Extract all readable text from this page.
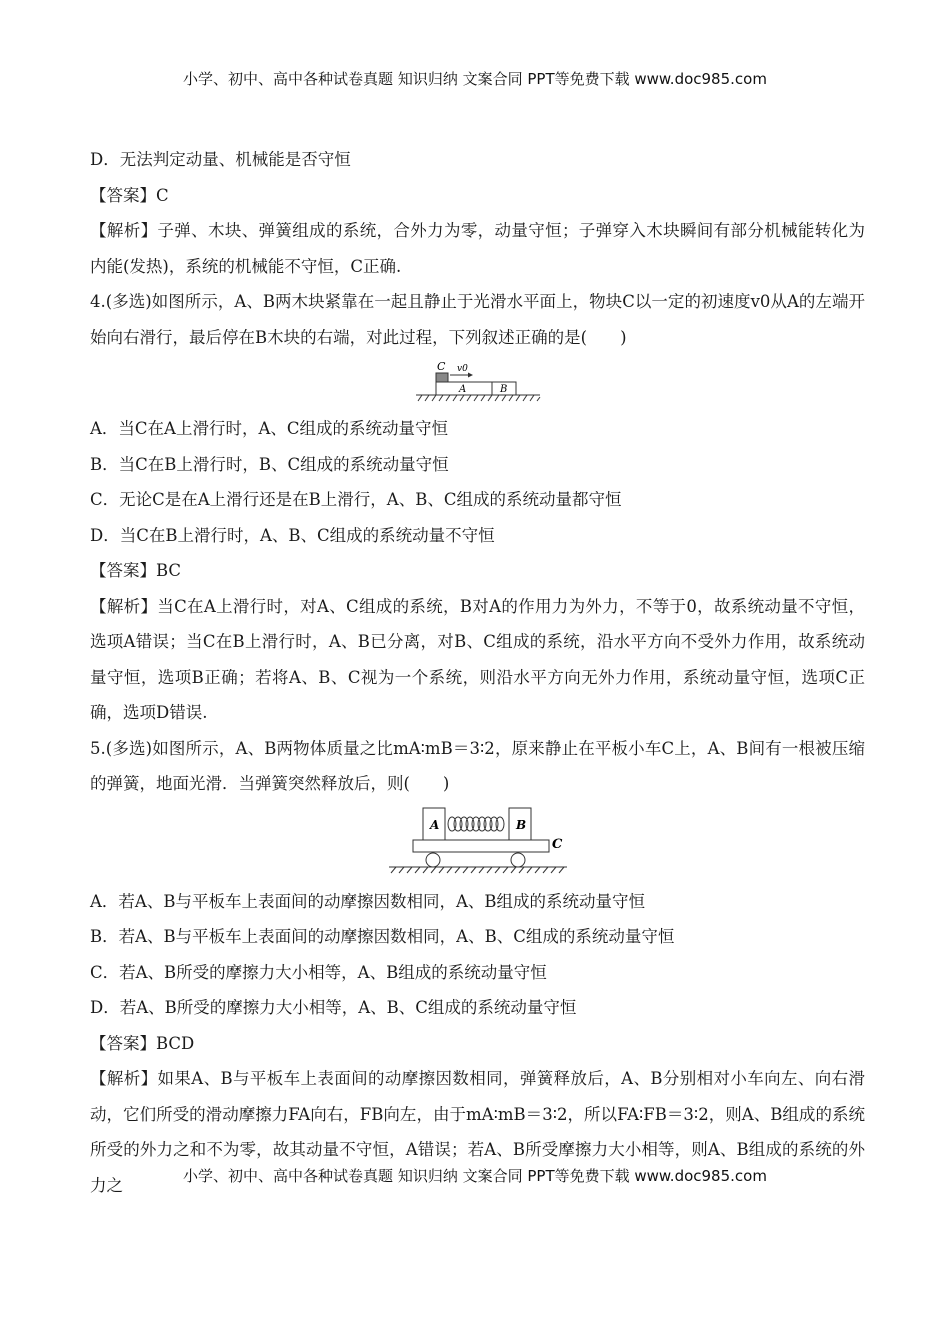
小学、初中、高中各种试卷真题 知识归纳 文案合同 PPT等免费下载 www.doc985.com
D．无法判定动量、机械能是否守恒
【答案】C
【解析】子弹、木块、弹簧组成的系统，合外力为零，动量守恒；子弹穿入木块瞬间有部分机械能转化为内能(发热)，系统的机械能不守恒，C正确.
4.(多选)如图所示，A、B两木块紧靠在一起且静止于光滑水平面上，物块C以一定的初速度v0从A的左端开始向右滑行，最后停在B木块的右端，对此过程，下列叙述正确的是(　　)
C v0
A	B
A．当C在A上滑行时，A、C组成的系统动量守恒
B．当C在B上滑行时，B、C组成的系统动量守恒
C．无论C是在A上滑行还是在B上滑行，A、B、C组成的系统动量都守恒
D．当C在B上滑行时，A、B、C组成的系统动量不守恒
【答案】BC
【解析】当C在A上滑行时，对A、C组成的系统，B对A的作用力为外力，不等于0，故系统动量不守恒，选项A错误；当C在B上滑行时，A、B已分离，对B、C组成的系统，沿水平方向不受外力作用，故系统动量守恒，选项B正确；若将A、B、C视为一个系统，则沿水平方向无外力作用，系统动量守恒，选项C正确，选项D错误.
5.(多选)如图所示，A、B两物体质量之比mA∶mB＝3∶2，原来静止在平板小车C上，A、B间有一根被压缩的弹簧，地面光滑．当弹簧突然释放后，则(　　)
A	B
C
A．若A、B与平板车上表面间的动摩擦因数相同，A、B组成的系统动量守恒
B．若A、B与平板车上表面间的动摩擦因数相同，A、B、C组成的系统动量守恒
C．若A、B所受的摩擦力大小相等，A、B组成的系统动量守恒
D．若A、B所受的摩擦力大小相等，A、B、C组成的系统动量守恒
【答案】BCD
【解析】如果A、B与平板车上表面间的动摩擦因数相同，弹簧释放后，A、B分别相对小车向左、向右滑动，它们所受的滑动摩擦力FA向右，FB向左，由于mA∶mB＝3∶2，所以FA∶FB＝3∶2，则A、B组成的系统所受的外力之和不为零，故其动量不守恒，A错误；若A、B所受摩擦力大小相等，则A、B组成的系统的外力之	小学、初中、高中各种试卷真题 知识归纳 文案合同 PPT等免费下载 www.doc985.com
